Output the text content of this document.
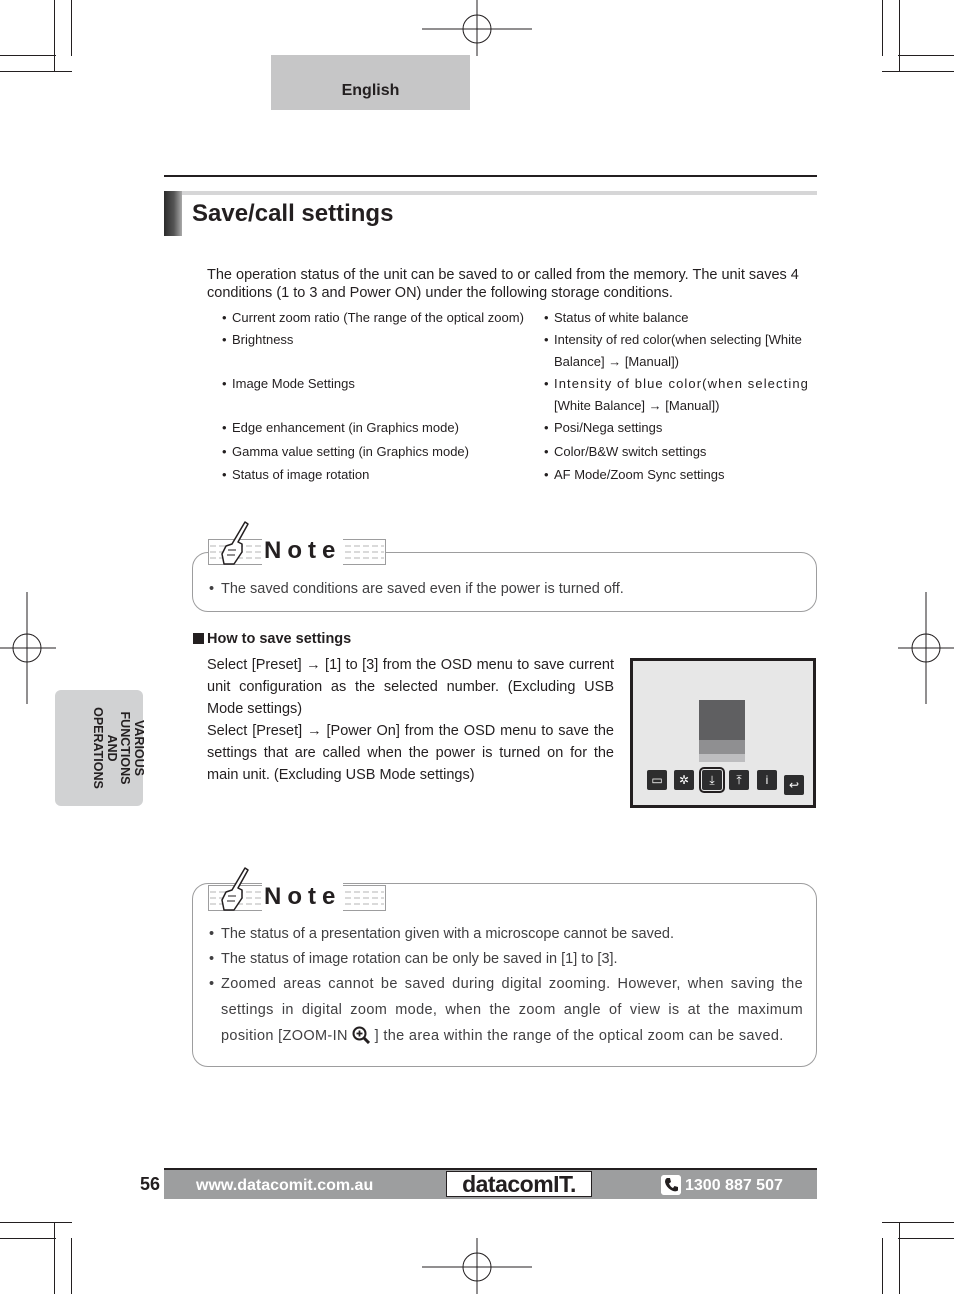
English
Save/call settings
The operation status of the unit can be saved to or called from the memory. The unit saves 4 conditions (1 to 3 and Power ON) under the following storage conditions.
• Current zoom ratio (The range of the optical zoom)
• Brightness
• Image Mode Settings
• Edge enhancement (in Graphics mode)
• Gamma value setting (in Graphics mode)
• Status of image rotation
• Status of white balance
• Intensity of red color(when selecting [White
Balance] → [Manual])
• Intensity of blue color(when selecting
[White Balance] → [Manual])
• Posi/Nega settings
• Color/B&W switch settings
• AF Mode/Zoom Sync settings
• The saved conditions are saved even if the power is turned off.
Note
How to save settings
Select [Preset] → [1] to [3] from the OSD menu to save current unit configuration as the selected number. (Excluding USB Mode settings)
Select [Preset] → [Power On] from the OSD menu to save the settings that are called when the power is turned on for the main unit. (Excluding USB Mode settings)	▭	✲	⤓	⤒	i	↩
VARIOUS
FUNCTIONS
AND
OPERATIONS
• The status of a presentation given with a microscope cannot be saved.
• The status of image rotation can be only be saved in [1] to [3].
• Zoomed areas cannot be saved during digital zooming. However, when saving the settings in digital zoom mode, when the zoom angle of view is at the maximum position [ZOOM-IN ] the area within the range of the optical zoom can be saved.
Note
56 www.datacomit.com.au	datacomIT.	1300 887 507
